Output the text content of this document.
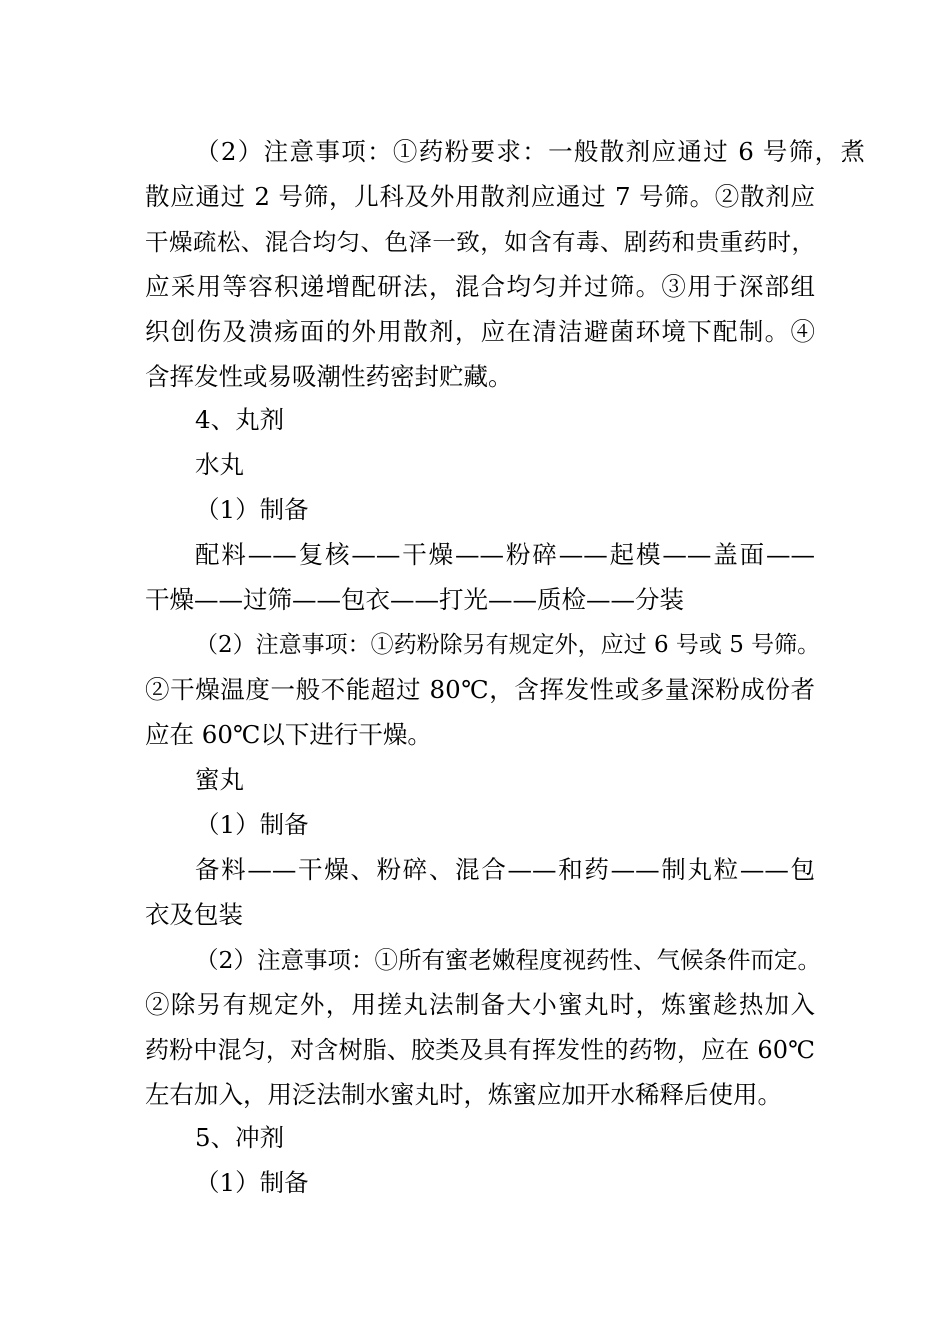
（2）注意事项：①药粉要求：一般散剂应通过 6 号筛，煮
散应通过 2 号筛，儿科及外用散剂应通过 7 号筛。②散剂应
干燥疏松、混合均匀、色泽一致，如含有毒、剧药和贵重药时，
应采用等容积递增配研法，混合均匀并过筛。③用于深部组
织创伤及溃疡面的外用散剂，应在清洁避菌环境下配制。④
含挥发性或易吸潮性药密封贮藏。
4、丸剂
水丸
（1）制备
配料——复核——干燥——粉碎——起模——盖面——
干燥——过筛——包衣——打光——质检——分装
（2）注意事项：①药粉除另有规定外，应过 6 号或 5 号筛。
②干燥温度一般不能超过 80℃，含挥发性或多量深粉成份者
应在 60℃以下进行干燥。
蜜丸
（1）制备
备料——干燥、粉碎、混合——和药——制丸粒——包
衣及包装
（2）注意事项：①所有蜜老嫩程度视药性、气候条件而定。
②除另有规定外，用搓丸法制备大小蜜丸时，炼蜜趁热加入
药粉中混匀，对含树脂、胶类及具有挥发性的药物，应在 60℃
左右加入，用泛法制水蜜丸时，炼蜜应加开水稀释后使用。
5、冲剂
（1）制备
